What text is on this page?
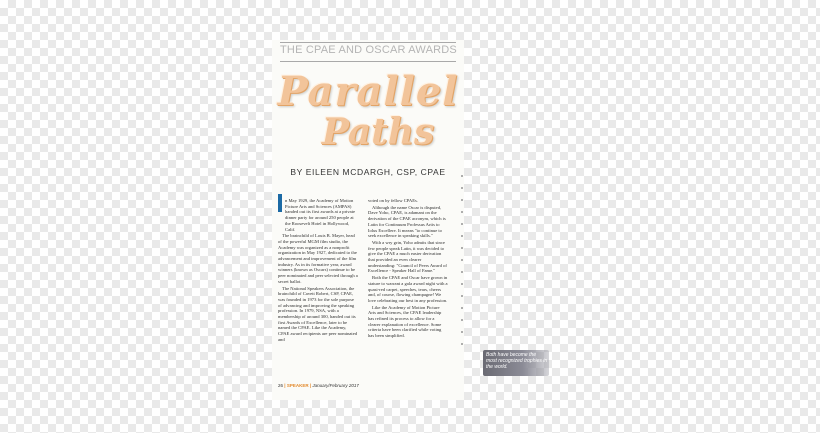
THE CPAE AND OSCAR AWARDS
Parallel
Paths
BY EILEEN MCDARGH, CSP, CPAE

n May 1929, the Academy of Motion Picture Arts and Sciences (AMPAS) handed out its first awards at a private dinner party for around 250 people at the Roosevelt Hotel in Hollywood, Calif.

The brainchild of Louis B. Mayer, head of the powerful MGM film studio, the Academy was organized as a nonprofit organization in May 1927, dedicated to the advancement and improvement of the film industry. As in its formative year, award winners (known as Oscars) continue to be peer nominated and peer selected through a secret ballot.

The National Speakers Association, the brainchild of Cavett Robert, CSP, CPAE, was founded in 1973 for the sole purpose of advancing and improving the speaking profession. In 1979, NSA, with a membership of around 300, handed out its first Awards of Excellence, later to be named the CPAE. Like the Academy, CPAE award recipients are peer nominated and

voted on by fellow CPAEs.

Although the name Oscar is disputed, Dave Yoho, CPAE, is adamant on the derivation of the CPAE acronym, which is Latin for Continuum Professus Artis to Iolus Excellere. It means "to continue to seek excellence in speaking skills."

With a wry grin, Yoho admits that since few people speak Latin, it was decided to give the CPAE a much easier derivation that provided an even clearer understanding: "Council of Peers Award of Excellence - Speaker Hall of Fame."

Both the CPAE and Oscar have grown in stature to warrant a gala award night with a quasi-red carpet, speeches, tears, cheers and, of course, flowing champagne! We love celebrating our best in any profession.

Like the Academy of Motion Picture Arts and Sciences, the CPAE leadership has refined its process to allow for a clearer explanation of excellence. Some criteria have been clarified while voting has been simplified.

26 | SPEAKER | January/February 2017
Both have become the most recognized trophies in the world.
